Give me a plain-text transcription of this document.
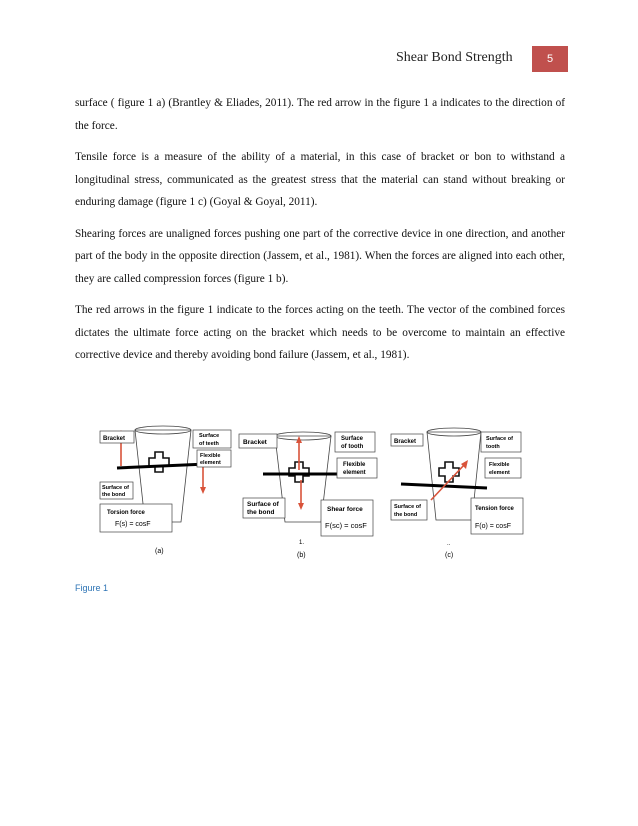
Shear Bond Strength	5

surface ( figure 1 a) (Brantley & Eliades, 2011). The red arrow in the figure 1 a indicates to the direction of the force.

Tensile force is a measure of the ability of a material, in this case of bracket or bon to withstand a longitudinal stress, communicated as the greatest stress that the material can stand without breaking or enduring damage (figure 1 c) (Goyal & Goyal, 2011).

Shearing forces are unaligned forces pushing one part of the corrective device in one direction, and another part of the body in the opposite direction (Jassem, et al., 1981). When the forces are aligned into each other, they are called compression forces (figure 1 b).

The red arrows in the figure 1 indicate to the forces acting on the teeth. The vector of the combined forces dictates the ultimate force acting on the bracket which needs to be overcome to maintain an effective corrective device and thereby avoiding bond failure (Jassem, et al., 1981).

Bracket	Surface
of teeth
Flexible
element
Surface of
the bond
Torsion force
F(s) = cosF
(a)
Bracket	Surface
of tooth
Flexible
element
Surface of
the bond	Shear force
F(sc) = cosF
1.
(b)
Bracket	Surface of
tooth
Flexible
element
Surface of
the bond
Tension force
F(o) = cosF
..
(c)
Figure 1
